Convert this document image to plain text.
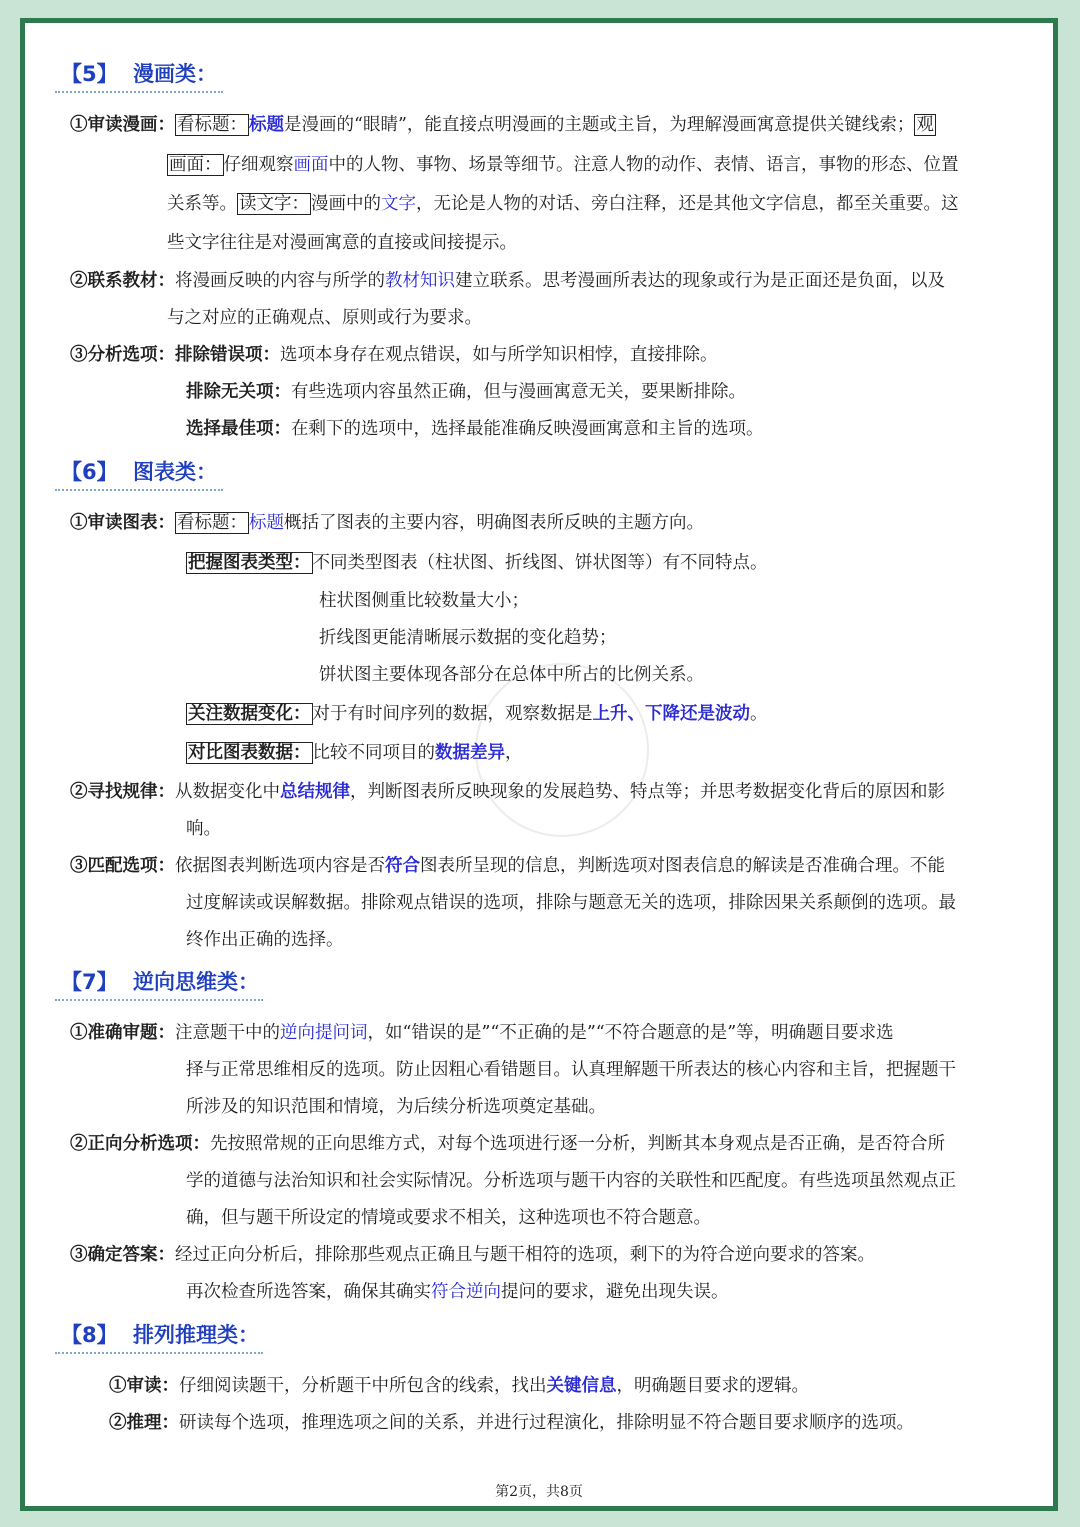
【5】 漫画类：
①审读漫画： 看标题： 标题是漫画的“眼睛”，能直接点明漫画的主题或主旨，为理解漫画寓意提供关键线索； 观
画面： 仔细观察画面中的人物、事物、场景等细节。注意人物的动作、表情、语言，事物的形态、位置
关系等。 读文字： 漫画中的文字，无论是人物的对话、旁白注释，还是其他文字信息，都至关重要。这
些文字往往是对漫画寓意的直接或间接提示。
②联系教材：将漫画反映的内容与所学的教材知识建立联系。思考漫画所表达的现象或行为是正面还是负面，以及
与之对应的正确观点、原则或行为要求。
③分析选项：排除错误项：选项本身存在观点错误，如与所学知识相悖，直接排除。
排除无关项：有些选项内容虽然正确，但与漫画寓意无关，要果断排除。
选择最佳项：在剩下的选项中，选择最能准确反映漫画寓意和主旨的选项。
【6】 图表类：
①审读图表： 看标题： 标题概括了图表的主要内容，明确图表所反映的主题方向。
把握图表类型： 不同类型图表（柱状图、折线图、饼状图等）有不同特点。
柱状图侧重比较数量大小；
折线图更能清晰展示数据的变化趋势；
饼状图主要体现各部分在总体中所占的比例关系。
关注数据变化： 对于有时间序列的数据，观察数据是上升、下降还是波动。
对比图表数据： 比较不同项目的数据差异，
②寻找规律：从数据变化中总结规律，判断图表所反映现象的发展趋势、特点等；并思考数据变化背后的原因和影
响。
③匹配选项：依据图表判断选项内容是否符合图表所呈现的信息，判断选项对图表信息的解读是否准确合理。不能
过度解读或误解数据。排除观点错误的选项，排除与题意无关的选项，排除因果关系颠倒的选项。最
终作出正确的选择。
【7】 逆向思维类：
①准确审题：注意题干中的逆向提问词，如“错误的是”“不正确的是”“不符合题意的是”等，明确题目要求选
择与正常思维相反的选项。防止因粗心看错题目。认真理解题干所表达的核心内容和主旨，把握题干
所涉及的知识范围和情境，为后续分析选项奠定基础。
②正向分析选项：先按照常规的正向思维方式，对每个选项进行逐一分析，判断其本身观点是否正确，是否符合所
学的道德与法治知识和社会实际情况。分析选项与题干内容的关联性和匹配度。有些选项虽然观点正
确，但与题干所设定的情境或要求不相关，这种选项也不符合题意。
③确定答案：经过正向分析后，排除那些观点正确且与题干相符的选项，剩下的为符合逆向要求的答案。
再次检查所选答案，确保其确实符合逆向提问的要求，避免出现失误。
【8】 排列推理类：
①审读：仔细阅读题干，分析题干中所包含的线索，找出关键信息，明确题目要求的逻辑。
②推理：研读每个选项，推理选项之间的关系，并进行过程演化，排除明显不符合题目要求顺序的选项。
第2页，共8页
